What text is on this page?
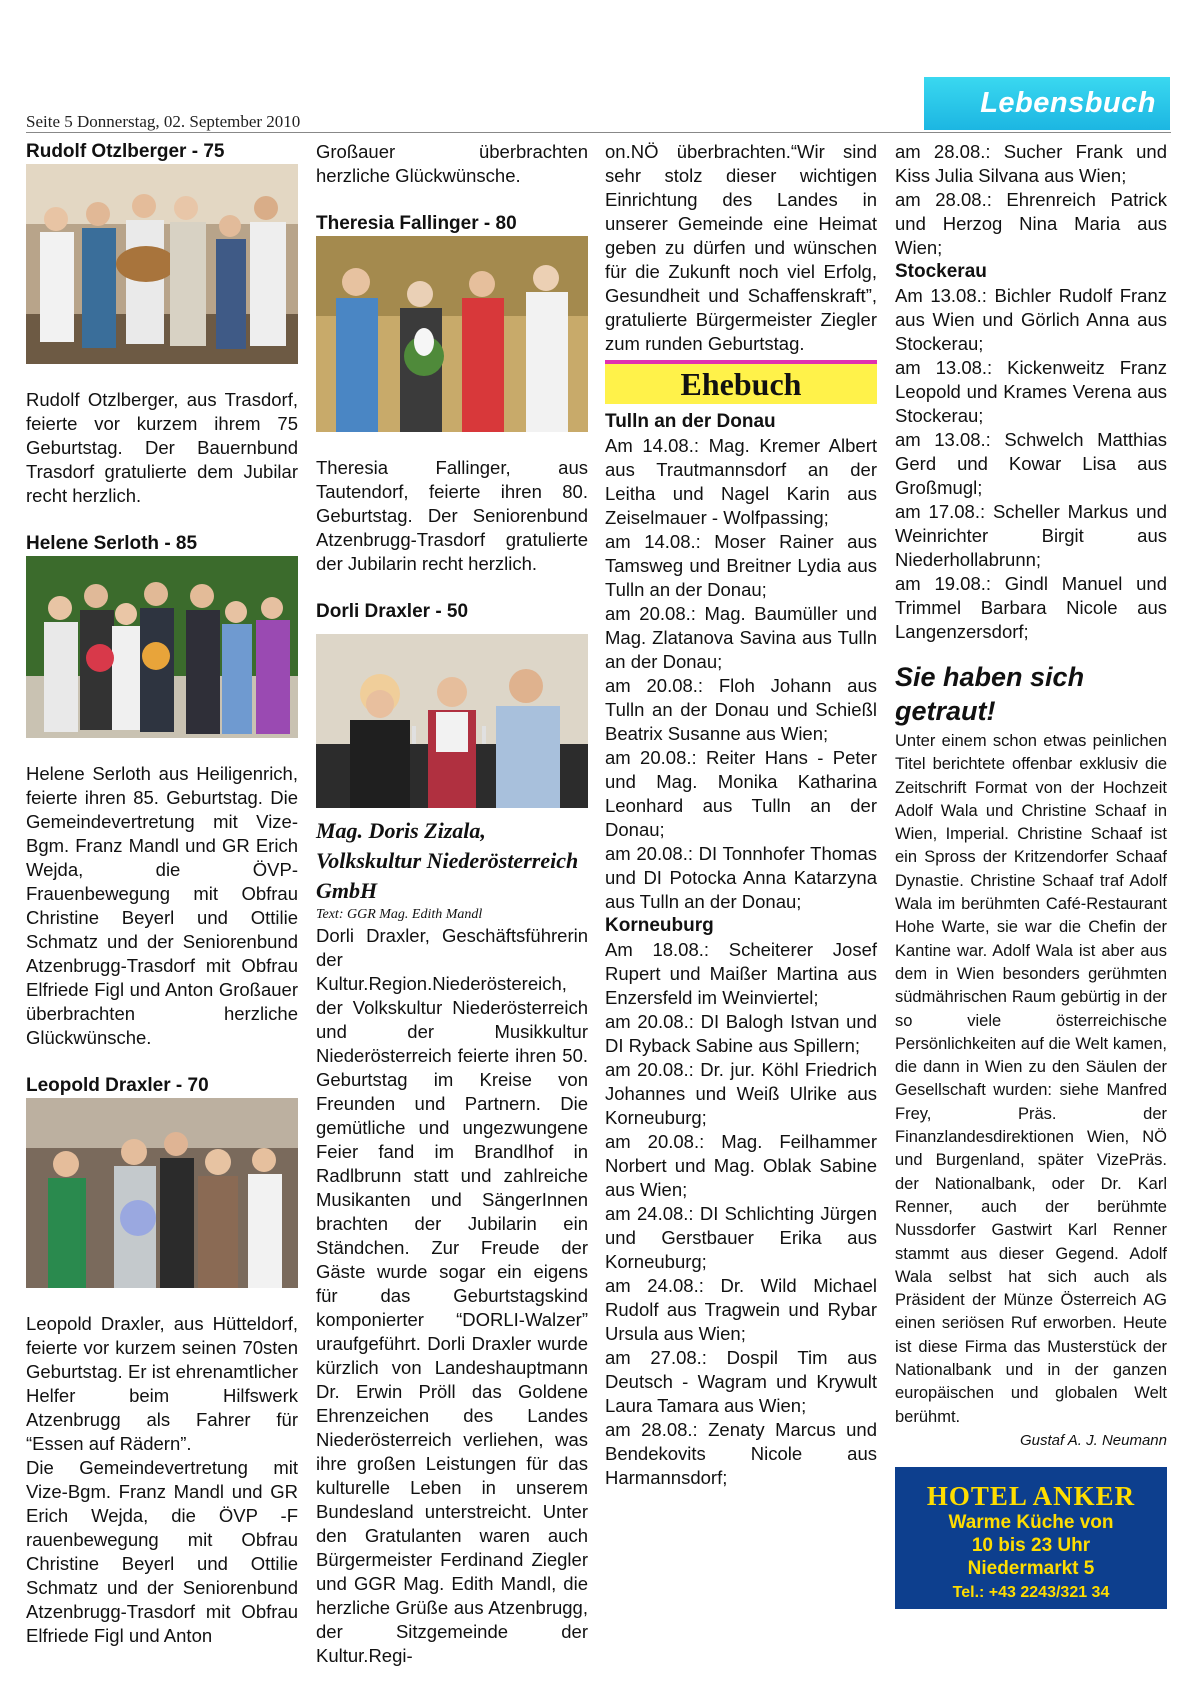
Seite 5 Donnerstag, 02. September 2010
Lebensbuch
Rudolf Otzlberger - 75

Rudolf Otzlberger, aus Trasdorf, feierte vor kurzem ihrem 75 Geburtstag. Der Bauernbund Trasdorf gratulierte dem Jubilar recht herzlich.

Helene Serloth - 85

Helene Serloth aus Heiligenrich, feierte ihren 85. Geburtstag. Die Gemeindevertretung mit Vize-Bgm. Franz Mandl und GR Erich Wejda, die ÖVP-Frauenbewegung mit Obfrau Christine Beyerl und Ottilie Schmatz und der Seniorenbund Atzenbrugg-Trasdorf mit Obfrau Elfriede Figl und Anton Großauer überbrachten herzliche Glückwünsche.

Leopold Draxler - 70

Leopold Draxler, aus Hütteldorf, feierte vor kurzem seinen 70sten Geburtstag. Er ist ehrenamtlicher Helfer beim Hilfswerk Atzenbrugg als Fahrer für “Essen auf Rädern”.

Die Gemeindevertretung mit Vize-Bgm. Franz Mandl und GR Erich Wejda, die ÖVP -F rauenbewegung mit Obfrau Christine Beyerl und Ottilie Schmatz und der Seniorenbund Atzenbrugg-Trasdorf mit Obfrau Elfriede Figl und Anton

Großauer überbrachten herzliche Glückwünsche.

Theresia Fallinger - 80

Theresia Fallinger, aus Tautendorf, feierte ihren 80. Geburtstag. Der Seniorenbund Atzenbrugg-Trasdorf gratulierte der Jubilarin recht herzlich.

Dorli Draxler - 50
Mag. Doris Zizala, Volkskultur Niederösterreich GmbH
Text: GGR Mag. Edith Mandl

Dorli Draxler, Geschäftsführerin der Kultur.Region.Niederöstereich, der Volkskultur Niederösterreich und der Musikkultur Niederösterreich feierte ihren 50. Geburtstag im Kreise von Freunden und Partnern. Die gemütliche und ungezwungene Feier fand im Brandlhof in Radlbrunn statt und zahlreiche Musikanten und SängerInnen brachten der Jubilarin ein Ständchen. Zur Freude der Gäste wurde sogar ein eigens für das Geburtstagskind komponierter “DORLI-Walzer” uraufgeführt. Dorli Draxler wurde kürzlich von Landeshauptmann Dr. Erwin Pröll das Goldene Ehrenzeichen des Landes Niederösterreich verliehen, was ihre großen Leistungen für das kulturelle Leben in unserem Bundesland unterstreicht. Unter den Gratulanten waren auch Bürgermeister Ferdinand Ziegler und GGR Mag. Edith Mandl, die herzliche Grüße aus Atzenbrugg, der Sitzgemeinde der Kultur.Regi-

on.NÖ überbrachten.“Wir sind sehr stolz dieser wichtigen Einrichtung des Landes in unserer Gemeinde eine Heimat geben zu dürfen und wünschen für die Zukunft noch viel Erfolg, Gesundheit und Schaffenskraft”, gratulierte Bürgermeister Ziegler zum runden Geburtstag.

Ehebuch
Tulln an der Donau

Am 14.08.: Mag. Kremer Albert aus Trautmannsdorf an der Leitha und Nagel Karin aus Zeiselmauer - Wolfpassing;

am 14.08.: Moser Rainer aus Tamsweg und Breitner Lydia aus Tulln an der Donau;

am 20.08.: Mag. Baumüller und Mag. Zlatanova Savina aus Tulln an der Donau;

am 20.08.: Floh Johann aus Tulln an der Donau und Schießl Beatrix Susanne aus Wien;

am 20.08.: Reiter Hans - Peter und Mag. Monika Katharina Leonhard aus Tulln an der Donau;

am 20.08.: DI Tonnhofer Thomas und DI Potocka Anna Katarzyna aus Tulln an der Donau;

Korneuburg

Am 18.08.: Scheiterer Josef Rupert und Maißer Martina aus Enzersfeld im Weinviertel;

am 20.08.: DI Balogh Istvan und DI Ryback Sabine aus Spillern;

am 20.08.: Dr. jur. Köhl Friedrich Johannes und Weiß Ulrike aus Korneuburg;

am 20.08.: Mag. Feilhammer Norbert und Mag. Oblak Sabine aus Wien;

am 24.08.: DI Schlichting Jürgen und Gerstbauer Erika aus Korneuburg;

am 24.08.: Dr. Wild Michael Rudolf aus Tragwein und Rybar Ursula aus Wien;

am 27.08.: Dospil Tim aus Deutsch - Wagram und Krywult Laura Tamara aus Wien;

am 28.08.: Zenaty Marcus und Bendekovits Nicole aus Harmannsdorf;

am 28.08.: Sucher Frank und Kiss Julia Silvana aus Wien;

am 28.08.: Ehrenreich Patrick und Herzog Nina Maria aus Wien;

Stockerau

Am 13.08.: Bichler Rudolf Franz aus Wien und Görlich Anna aus Stockerau;

am 13.08.: Kickenweitz Franz Leopold und Krames Verena aus Stockerau;

am 13.08.: Schwelch Matthias Gerd und Kowar Lisa aus Großmugl;

am 17.08.: Scheller Markus und Weinrichter Birgit aus Niederhollabrunn;

am 19.08.: Gindl Manuel und Trimmel Barbara Nicole aus Langenzersdorf;

Sie haben sich getraut!

Unter einem schon etwas peinlichen Titel berichtete offenbar exklusiv die Zeitschrift Format von der Hochzeit Adolf Wala und Christine Schaaf in Wien, Imperial. Christine Schaaf ist ein Spross der Kritzendorfer Schaaf Dynastie. Christine Schaaf traf Adolf Wala im berühmten Café-Restaurant Hohe Warte, sie war die Chefin der Kantine war. Adolf Wala ist aber aus dem in Wien besonders gerühmten südmährischen Raum gebürtig in der so viele österreichische Persönlichkeiten auf die Welt kamen, die dann in Wien zu den Säulen der Gesellschaft wurden: siehe Manfred Frey, Präs. der Finanzlandesdirektionen Wien, NÖ und Burgenland, später VizePräs. der Nationalbank, oder Dr. Karl Renner, auch der berühmte Nussdorfer Gastwirt Karl Renner stammt aus dieser Gegend. Adolf Wala selbst hat sich auch als Präsident der Münze Österreich AG einen seriösen Ruf erworben. Heute ist diese Firma das Musterstück der Nationalbank und in der ganzen europäischen und globalen Welt berühmt.

Gustaf A. J. Neumann
HOTEL ANKER
Warme Küche von
10 bis 23 Uhr
Niedermarkt 5
Tel.: +43 2243/321 34
